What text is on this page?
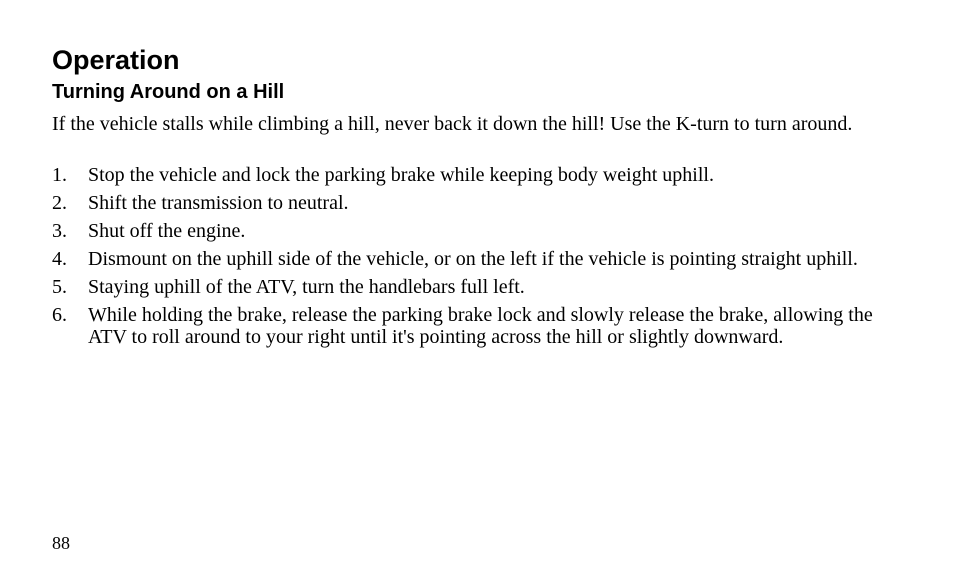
Operation
Turning Around on a Hill

If the vehicle stalls while climbing a hill, never back it down the hill! Use the K-turn to turn around.

1.	Stop the vehicle and lock the parking brake while keeping body weight uphill.
2.	Shift the transmission to neutral.
3.	Shut off the engine.
4.	Dismount on the uphill side of the vehicle, or on the left if the vehicle is pointing straight uphill.
5.	Staying uphill of the ATV, turn the handlebars full left.
6.	While holding the brake, release the parking brake lock and slowly release the brake, allowing the ATV to roll around to your right until it's pointing across the hill or slightly downward.
88
